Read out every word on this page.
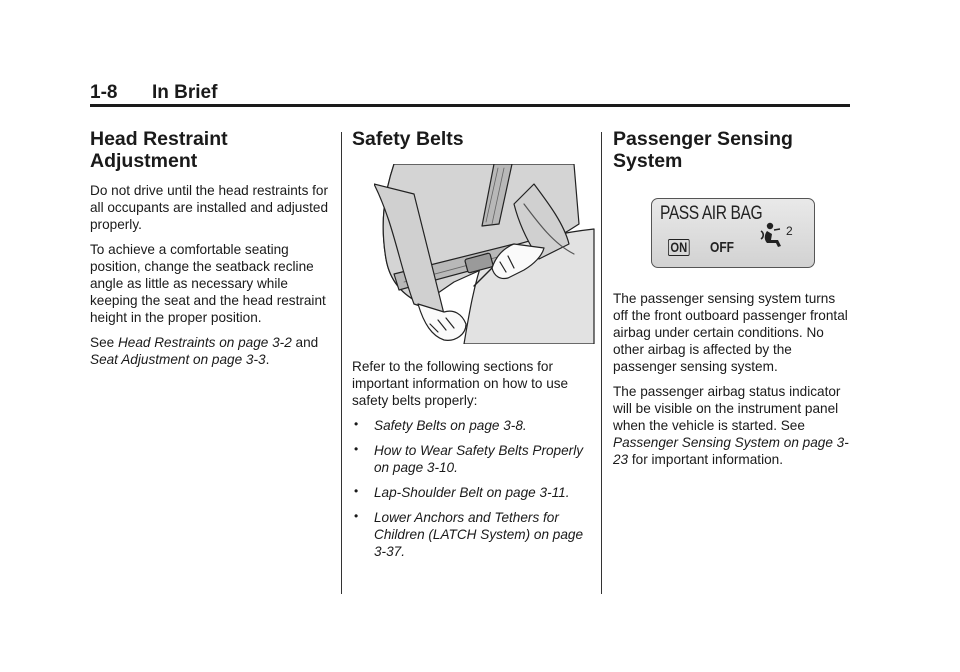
1-8 In Brief
Head Restraint Adjustment

Do not drive until the head restraints for all occupants are installed and adjusted properly.

To achieve a comfortable seating position, change the seatback recline angle as little as necessary while keeping the seat and the head restraint height in the proper position.

See Head Restraints on page 3-2 and Seat Adjustment on page 3-3.

Safety Belts

Refer to the following sections for important information on how to use safety belts properly:

• Safety Belts on page 3-8.
• How to Wear Safety Belts Properly on page 3-10.
• Lap-Shoulder Belt on page 3-11.
• Lower Anchors and Tethers for Children (LATCH System) on page 3-37.
Passenger Sensing System
PASS AIR BAG
ON OFF
2

The passenger sensing system turns off the front outboard passenger frontal airbag under certain conditions. No other airbag is affected by the passenger sensing system.

The passenger airbag status indicator will be visible on the instrument panel when the vehicle is started. See Passenger Sensing System on page 3-23 for important information.
